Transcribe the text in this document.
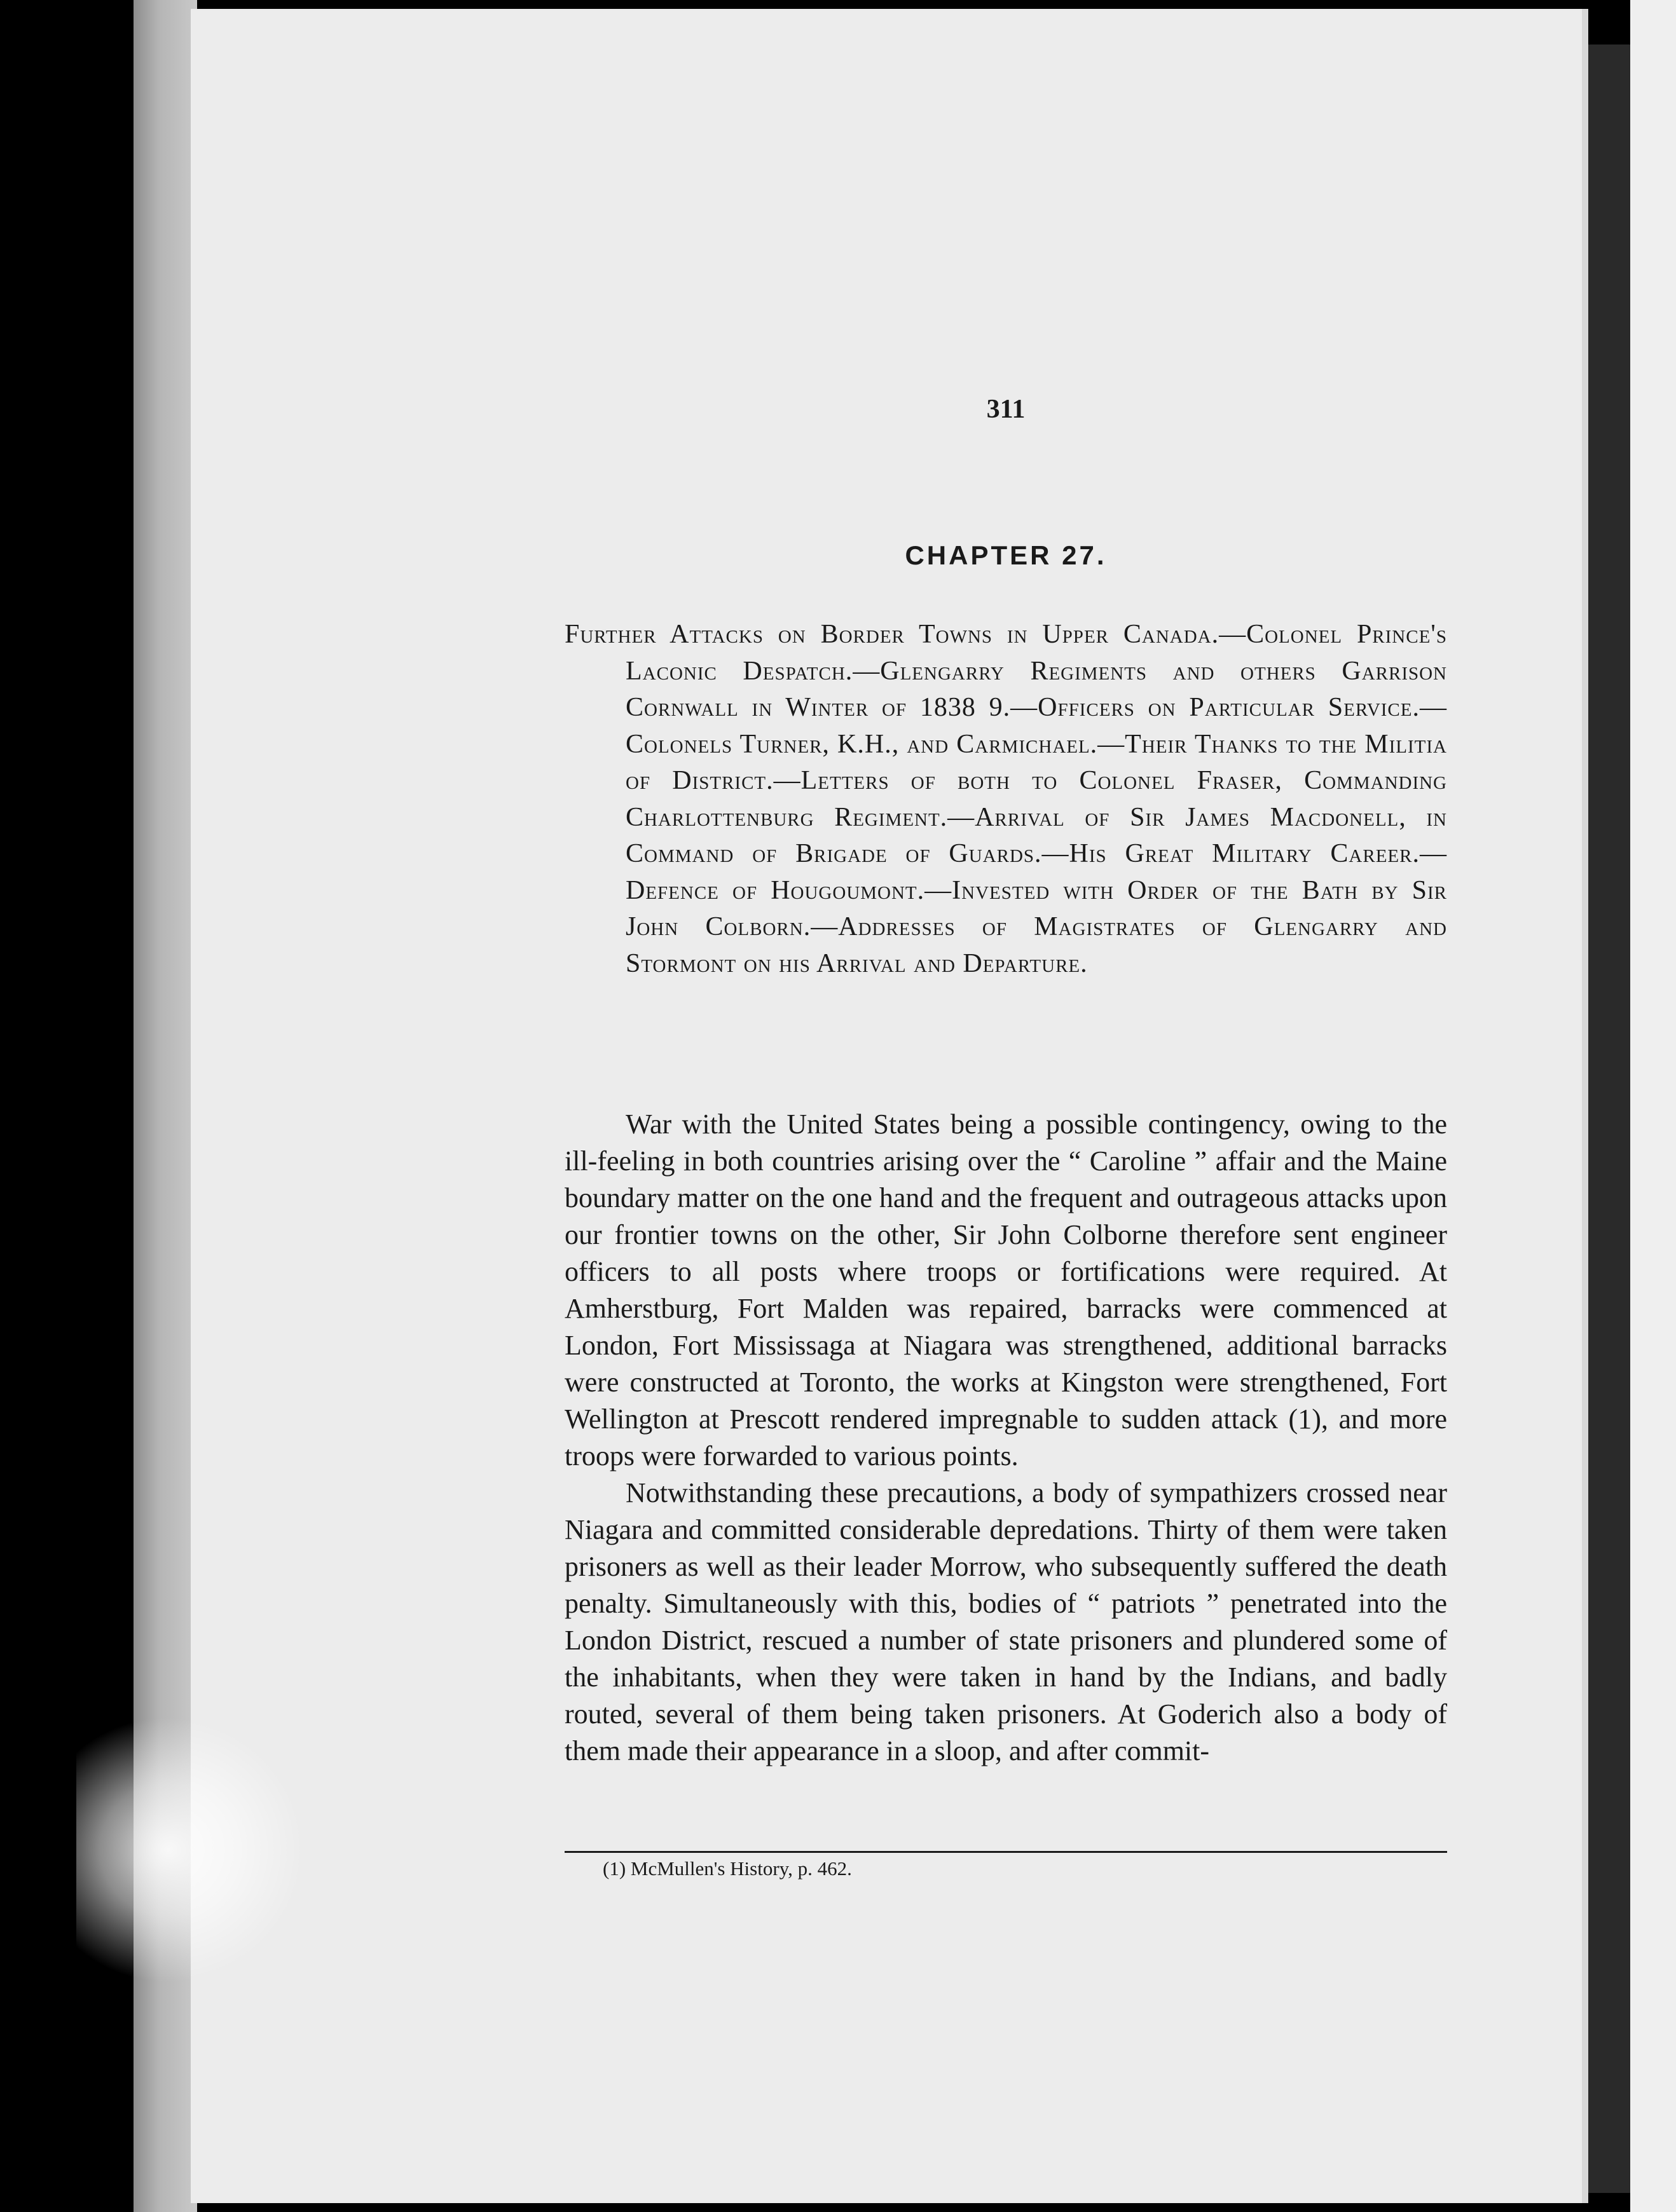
311
CHAPTER 27.
Further Attacks on Border Towns in Upper Canada.—Colonel Prince's Laconic Despatch.—Glengarry Regiments and others Garrison Cornwall in Winter of 1838 9.—Officers on Particular Service.—Colonels Turner, K.H., and Carmichael.—Their Thanks to the Militia of District.—Letters of both to Colonel Fraser, Commanding Charlottenburg Regiment.—Arrival of Sir James Macdonell, in Command of Brigade of Guards.—His Great Military Career.—Defence of Hougoumont.—Invested with Order of the Bath by Sir John Colborn.—Addresses of Magistrates of Glengarry and Stormont on his Arrival and Departure.

War with the United States being a possible contingency, owing to the ill-feeling in both countries arising over the “ Caroline ” affair and the Maine boundary matter on the one hand and the frequent and outrageous attacks upon our frontier towns on the other, Sir John Colborne therefore sent engineer officers to all posts where troops or fortifications were required. At Amherstburg, Fort Malden was repaired, barracks were commenced at London, Fort Mississaga at Niagara was strengthened, additional barracks were constructed at Toronto, the works at Kingston were strengthened, Fort Wellington at Prescott rendered impregnable to sudden attack (1), and more troops were forwarded to various points.

Notwithstanding these precautions, a body of sympathizers crossed near Niagara and committed considerable depredations. Thirty of them were taken prisoners as well as their leader Morrow, who subsequently suffered the death penalty. Simultaneously with this, bodies of “ patriots ” penetrated into the London District, rescued a number of state prisoners and plundered some of the inhabitants, when they were taken in hand by the Indians, and badly routed, several of them being taken prisoners. At Goderich also a body of them made their appearance in a sloop, and after commit-

(1) McMullen's History, p. 462.
